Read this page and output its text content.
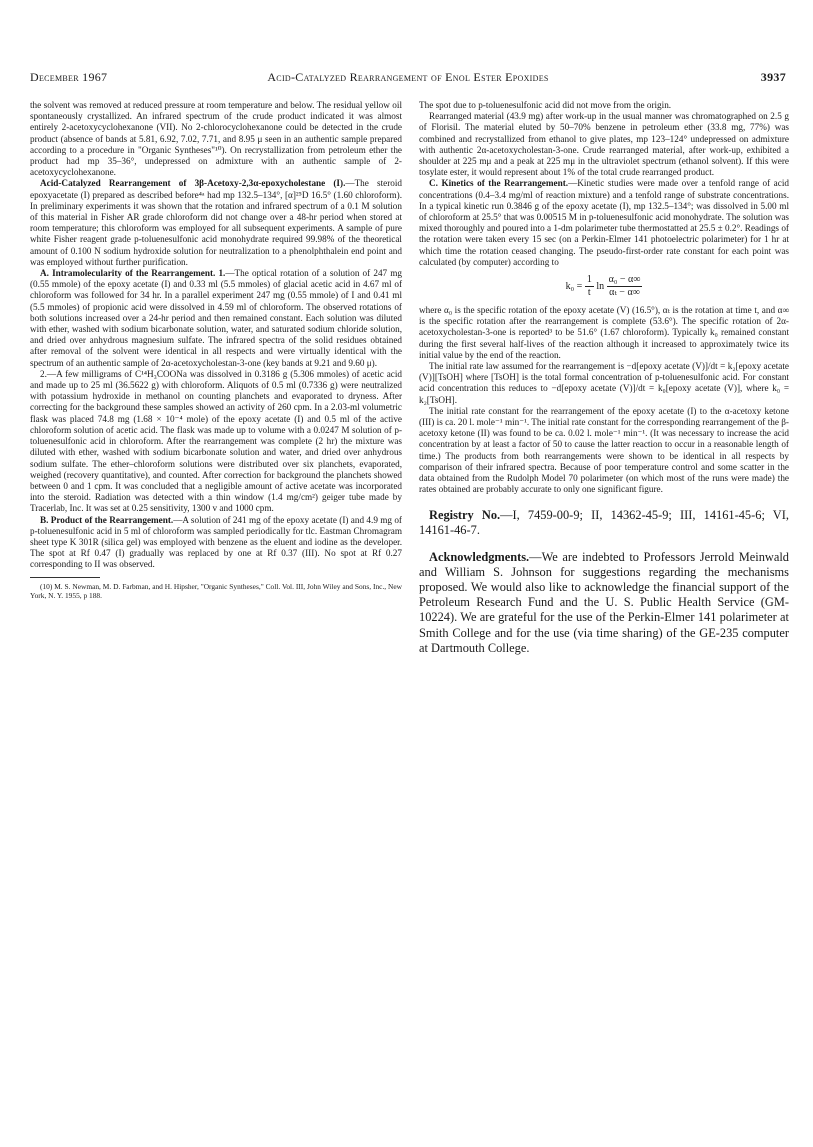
December 1967	Acid-Catalyzed Rearrangement of Enol Ester Epoxides	3937

the solvent was removed at reduced pressure at room temperature and below. The residual yellow oil spontaneously crystallized. An infrared spectrum of the crude product indicated it was almost entirely 2-acetoxycyclohexanone (VII). No 2-chlorocyclohexanone could be detected in the crude product (absence of bands at 5.81, 6.92, 7.02, 7.71, and 8.95 μ seen in an authentic sample prepared according to a procedure in "Organic Syntheses"¹⁰). On recrystallization from petroleum ether the product had mp 35–36°, undepressed on admixture with an authentic sample of 2-acetoxycyclohexanone.

Acid-Catalyzed Rearrangement of 3β-Acetoxy-2,3α-epoxycholestane (I).—The steroid epoxyacetate (I) prepared as described before⁴ᵃ had mp 132.5–134°, [α]²⁵D 16.5° (1.60 chloroform). In preliminary experiments it was shown that the rotation and infrared spectrum of a 0.1 M solution of this material in Fisher AR grade chloroform did not change over a 48-hr period when stored at room temperature; this chloroform was employed for all subsequent experiments. A sample of pure white Fisher reagent grade p-toluenesulfonic acid monohydrate required 99.98% of the theoretical amount of 0.100 N sodium hydroxide solution for neutralization to a phenolphthalein end point and was employed without further purification.

A. Intramolecularity of the Rearrangement. 1.—The optical rotation of a solution of 247 mg (0.55 mmole) of the epoxy acetate (I) and 0.33 ml (5.5 mmoles) of glacial acetic acid in 4.67 ml of chloroform was followed for 34 hr. In a parallel experiment 247 mg (0.55 mmole) of I and 0.41 ml (5.5 mmoles) of propionic acid were dissolved in 4.59 ml of chloroform. The observed rotations of both solutions increased over a 24-hr period and then remained constant. Each solution was diluted with ether, washed with sodium bicarbonate solution, water, and saturated sodium chloride solution, and dried over anhydrous magnesium sulfate. The infrared spectra of the solid residues obtained after removal of the solvent were identical in all respects and were virtually identical with the spectrum of an authentic sample of 2α-acetoxycholestan-3-one (key bands at 9.21 and 9.60 μ).

2.—A few milligrams of C¹⁴H₃COONa was dissolved in 0.3186 g (5.306 mmoles) of acetic acid and made up to 25 ml (36.5622 g) with chloroform. Aliquots of 0.5 ml (0.7336 g) were neutralized with potassium hydroxide in methanol on counting planchets and evaporated to dryness. After correcting for the background these samples showed an activity of 260 cpm. In a 2.03-ml volumetric flask was placed 74.8 mg (1.68 × 10⁻⁴ mole) of the epoxy acetate (I) and 0.5 ml of the active chloroform solution of acetic acid. The flask was made up to volume with a 0.0247 M solution of p-toluenesulfonic acid in chloroform. After the rearrangement was complete (2 hr) the mixture was diluted with ether, washed with sodium bicarbonate solution and water, and dried over anhydrous sodium sulfate. The ether–chloroform solutions were distributed over six planchets, evaporated, weighed (recovery quantitative), and counted. After correction for background the planchets showed between 0 and 1 cpm. It was concluded that a negligible amount of active acetate was incorporated into the steroid. Radiation was detected with a thin window (1.4 mg/cm²) geiger tube made by Tracerlab, Inc. It was set at 0.25 sensitivity, 1300 v and 1000 cpm.

B. Product of the Rearrangement.—A solution of 241 mg of the epoxy acetate (I) and 4.9 mg of p-toluenesulfonic acid in 5 ml of chloroform was sampled periodically for tlc. Eastman Chromagram sheet type K 301R (silica gel) was employed with benzene as the eluent and iodine as the developer. The spot at Rf 0.47 (I) gradually was replaced by one at Rf 0.37 (III). No spot at Rf 0.27 corresponding to II was observed.

(10) M. S. Newman, M. D. Farbman, and H. Hipsher, "Organic Syntheses," Coll. Vol. III, John Wiley and Sons, Inc., New York, N. Y. 1955, p 188.

The spot due to p-toluenesulfonic acid did not move from the origin.

Rearranged material (43.9 mg) after work-up in the usual manner was chromatographed on 2.5 g of Florisil. The material eluted by 50–70% benzene in petroleum ether (33.8 mg, 77%) was combined and recrystallized from ethanol to give plates, mp 123–124° undepressed on admixture with authentic 2α-acetoxycholestan-3-one. Crude rearranged material, after work-up, exhibited a shoulder at 225 mμ and a peak at 225 mμ in the ultraviolet spectrum (ethanol solvent). If this were tosylate ester, it would represent about 1% of the total crude rearranged product.

C. Kinetics of the Rearrangement.—Kinetic studies were made over a tenfold range of acid concentrations (0.4–3.4 mg/ml of reaction mixture) and a tenfold range of substrate concentrations. In a typical kinetic run 0.3846 g of the epoxy acetate (I), mp 132.5–134°; was dissolved in 5.00 ml of chloroform at 25.5° that was 0.00515 M in p-toluenesulfonic acid monohydrate. The solution was mixed thoroughly and poured into a 1-dm polarimeter tube thermostatted at 25.5 ± 0.2°. Readings of the rotation were taken every 15 sec (on a Perkin-Elmer 141 photoelectric polarimeter) for 1 hr at which time the rotation ceased changing. The pseudo-first-order rate constant for each point was calculated (by computer) according to

$k_0 = \frac{1}{t}$ $\ln \frac{\text{α₀ − α∞}}{\text{αₜ − α∞}}$

where α₀ is the specific rotation of the epoxy acetate (V) (16.5°), αₜ is the rotation at time t, and α∞ is the specific rotation after the rearrangement is complete (53.6°). The specific rotation of 2α-acetoxycholestan-3-one is reported³ to be 51.6° (1.67 chloroform). Typically k₀ remained constant during the first several half-lives of the reaction although it increased to approximately twice its initial value by the end of the reaction.

The initial rate law assumed for the rearrangement is −d[epoxy acetate (V)]/dt = k₂[epoxy acetate (V)][TsOH] where [TsOH] is the total formal concentration of p-toluenesulfonic acid. For constant acid concentration this reduces to −d[epoxy acetate (V)]/dt = k₀[epoxy acetate (V)], where k₀ = k₂[TsOH].

The initial rate constant for the rearrangement of the epoxy acetate (I) to the α-acetoxy ketone (III) is ca. 20 l. mole⁻¹ min⁻¹. The initial rate constant for the corresponding rearrangement of the β-acetoxy ketone (II) was found to be ca. 0.02 l. mole⁻¹ min⁻¹. (It was necessary to increase the acid concentration by at least a factor of 50 to cause the latter reaction to occur in a reasonable length of time.) The products from both rearrangements were shown to be identical in all respects by comparison of their infrared spectra. Because of poor temperature control and some scatter in the data obtained from the Rudolph Model 70 polarimeter (on which most of the runs were made) the rates obtained are probably accurate to only one significant figure.

Registry No.—I, 7459-00-9; II, 14362-45-9; III, 14161-45-6; VI, 14161-46-7.

Acknowledgments.—We are indebted to Professors Jerrold Meinwald and William S. Johnson for suggestions regarding the mechanisms proposed. We would also like to acknowledge the financial support of the Petroleum Research Fund and the U. S. Public Health Service (GM-10224). We are grateful for the use of the Perkin-Elmer 141 polarimeter at Smith College and for the use (via time sharing) of the GE-235 computer at Dartmouth College.
